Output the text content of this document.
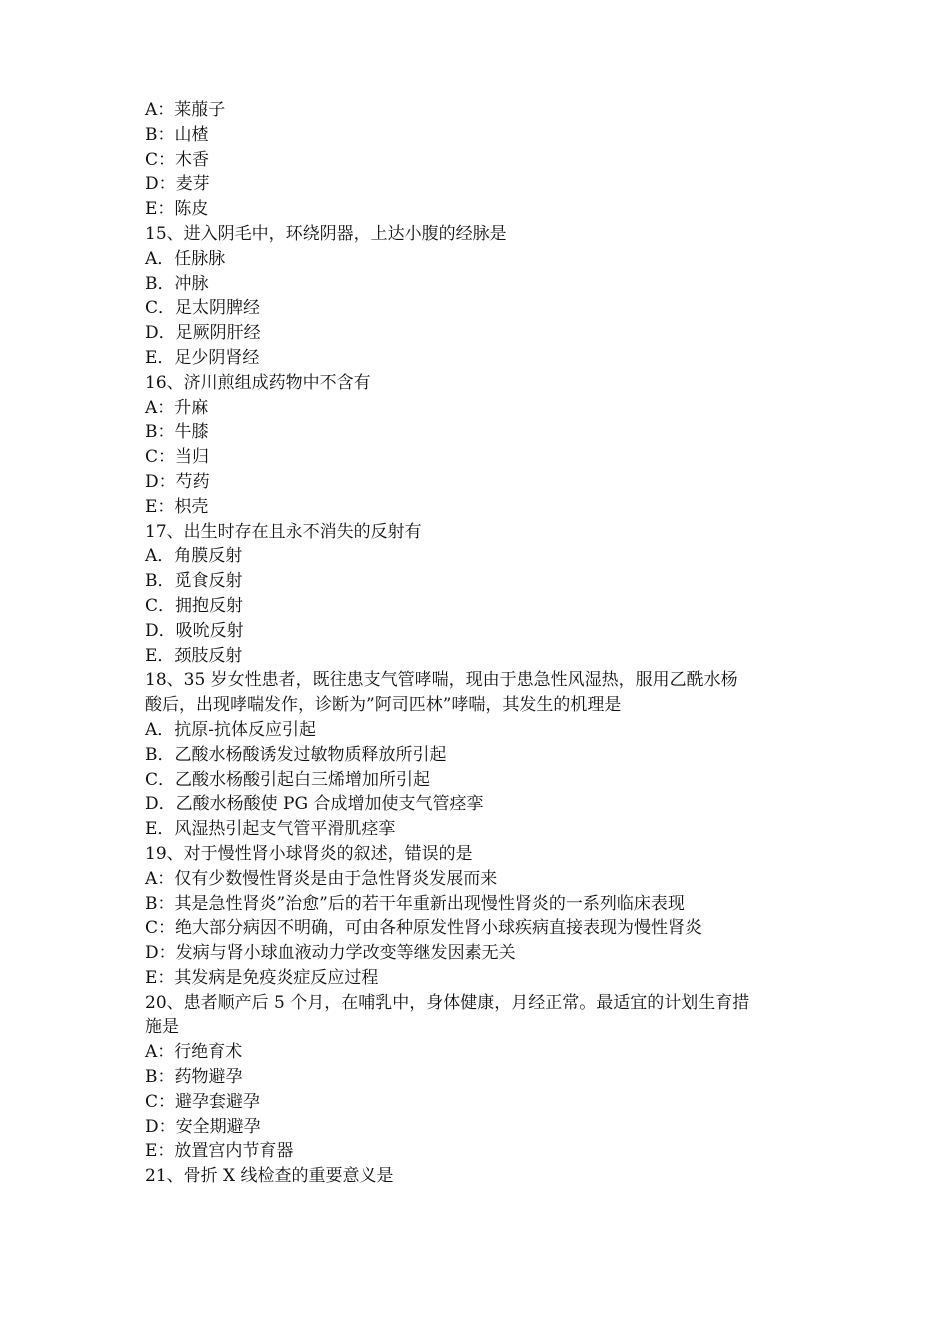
A：莱菔子
B：山楂
C：木香
D：麦芽
E：陈皮
15、进入阴毛中，环绕阴器，上达小腹的经脉是
A．任脉脉
B．冲脉
C．足太阴脾经
D．足厥阴肝经
E．足少阴肾经
16、济川煎组成药物中不含有
A：升麻
B：牛膝
C：当归
D：芍药
E：枳壳
17、出生时存在且永不消失的反射有
A．角膜反射
B．觅食反射
C．拥抱反射
D．吸吮反射
E．颈肢反射
18、35 岁女性患者，既往患支气管哮喘，现由于患急性风湿热，服用乙酰水杨
酸后，出现哮喘发作，诊断为”阿司匹林”哮喘，其发生的机理是
A．抗原-抗体反应引起
B．乙酸水杨酸诱发过敏物质释放所引起
C．乙酸水杨酸引起白三烯增加所引起
D．乙酸水杨酸使 PG 合成增加使支气管痉挛
E．风湿热引起支气管平滑肌痉挛
19、对于慢性肾小球肾炎的叙述，错误的是
A：仅有少数慢性肾炎是由于急性肾炎发展而来
B：其是急性肾炎”治愈”后的若干年重新出现慢性肾炎的一系列临床表现
C：绝大部分病因不明确，可由各种原发性肾小球疾病直接表现为慢性肾炎
D：发病与肾小球血液动力学改变等继发因素无关
E：其发病是免疫炎症反应过程
20、患者顺产后 5 个月，在哺乳中，身体健康，月经正常。最适宜的计划生育措
施是
A：行绝育术
B：药物避孕
C：避孕套避孕
D：安全期避孕
E：放置宫内节育器
21、骨折 X 线检查的重要意义是
